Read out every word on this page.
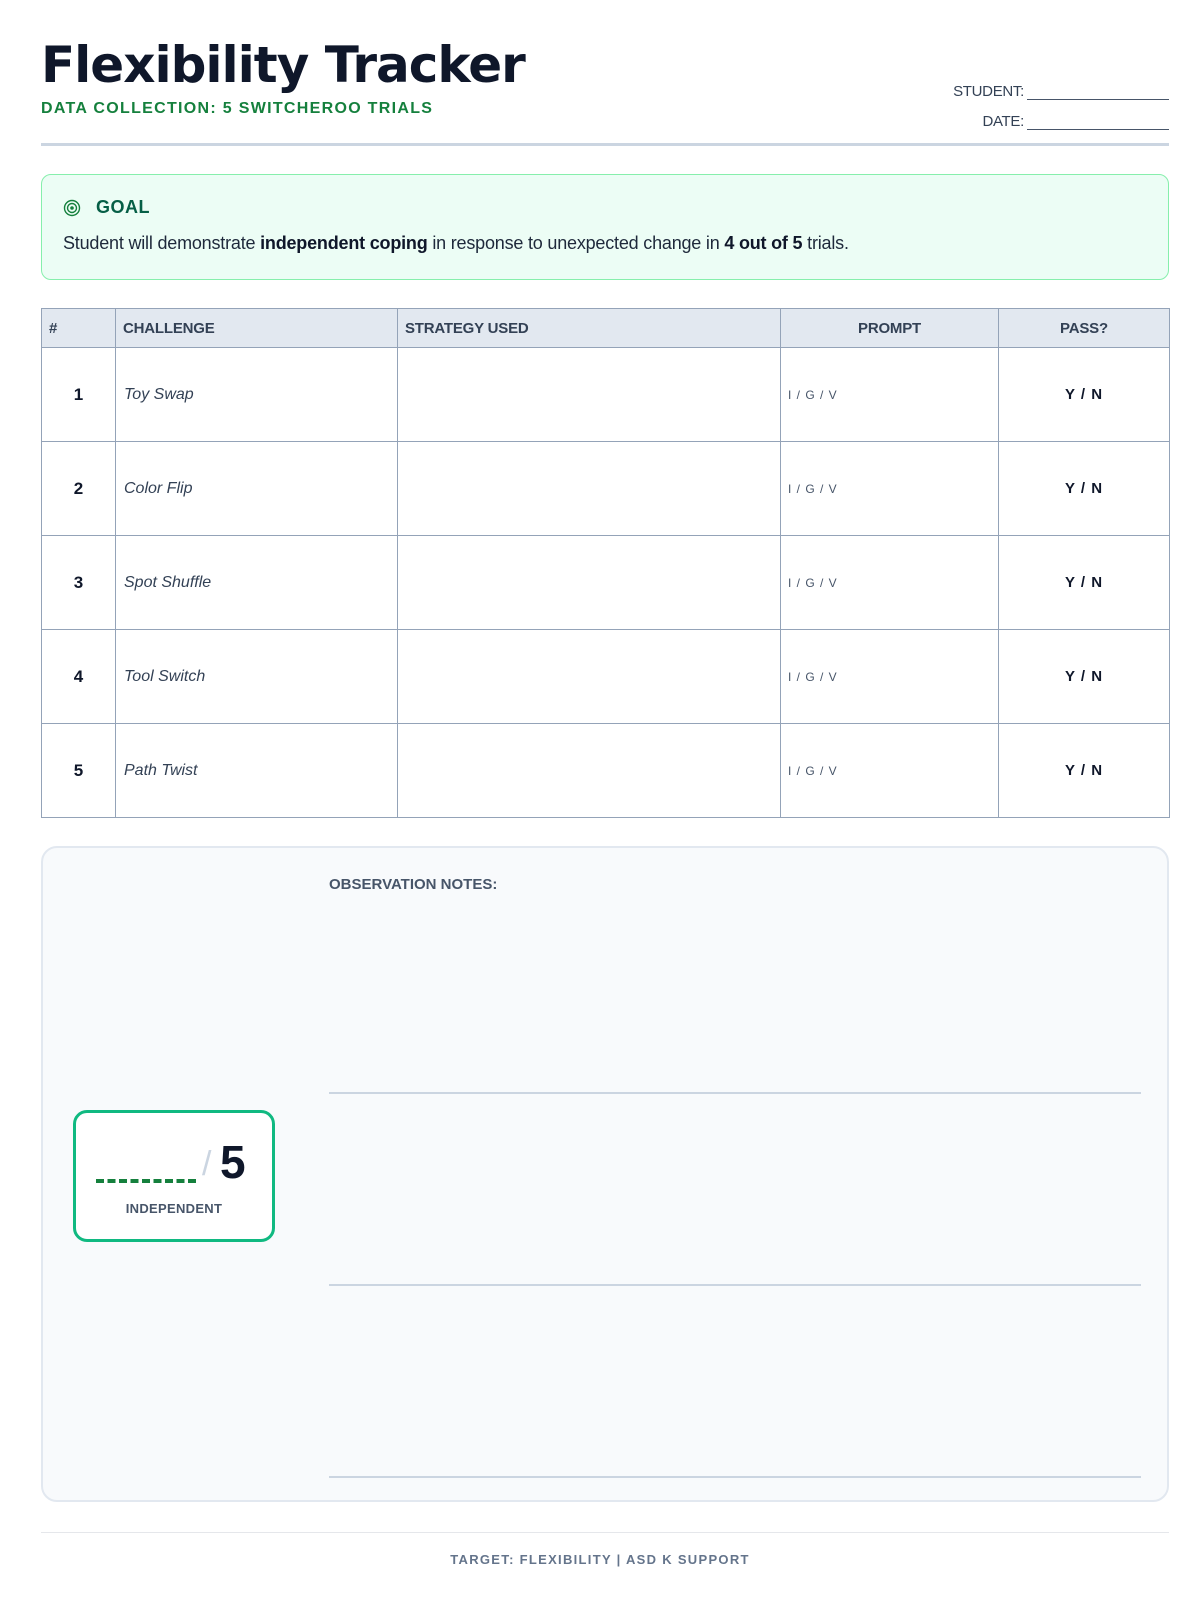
Flexibility Tracker
DATA COLLECTION: 5 SWITCHEROO TRIALS
STUDENT:
DATE:
GOAL
Student will demonstrate independent coping in response to unexpected change in 4 out of 5 trials.
#	CHALLENGE	STRATEGY USED	PROMPT	PASS?
1	Toy Swap		I / G / V	Y / N
2	Color Flip		I / G / V	Y / N
3	Spot Shuffle		I / G / V	Y / N
4	Tool Switch		I / G / V	Y / N
5	Path Twist		I / G / V	Y / N
/ 5
INDEPENDENT
OBSERVATION NOTES:
TARGET: FLEXIBILITY | ASD K SUPPORT
